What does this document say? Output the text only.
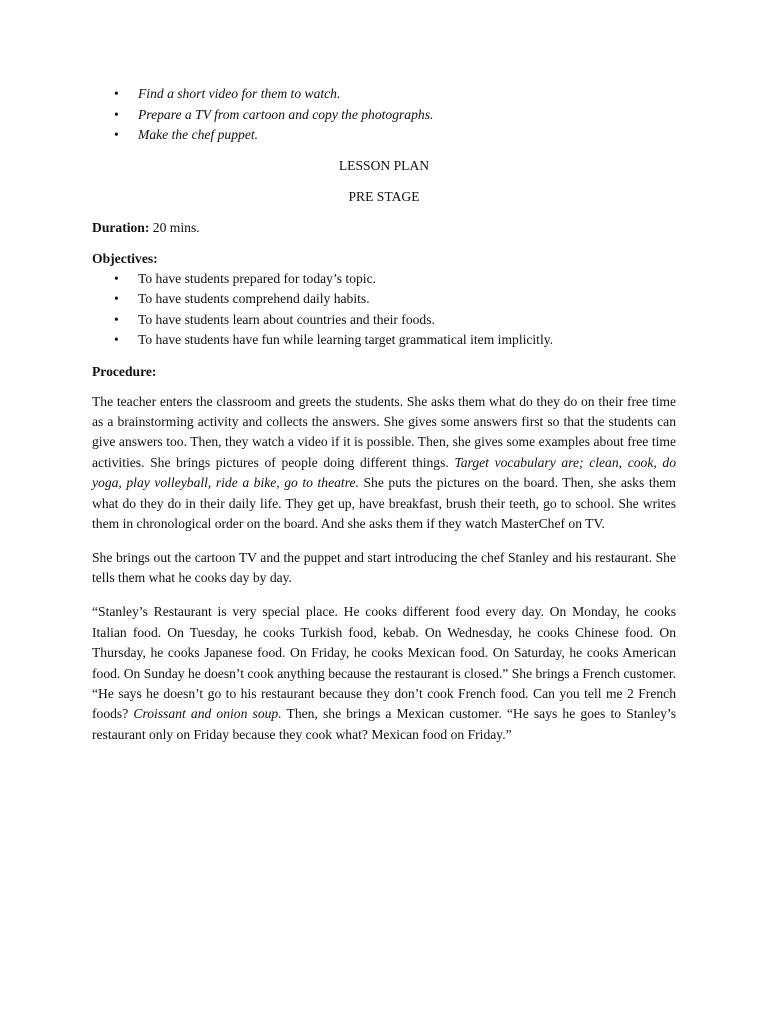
• Find a short video for them to watch.
• Prepare a TV from cartoon and copy the photographs.
• Make the chef puppet.
LESSON PLAN
PRE STAGE
Duration: 20 mins.
Objectives:
• To have students prepared for today’s topic.
• To have students comprehend daily habits.
• To have students learn about countries and their foods.
• To have students have fun while learning target grammatical item implicitly.
Procedure:

The teacher enters the classroom and greets the students. She asks them what do they do on their free time as a brainstorming activity and collects the answers. She gives some answers first so that the students can give answers too. Then, they watch a video if it is possible. Then, she gives some examples about free time activities. She brings pictures of people doing different things. Target vocabulary are; clean, cook, do yoga, play volleyball, ride a bike, go to theatre. She puts the pictures on the board. Then, she asks them what do they do in their daily life. They get up, have breakfast, brush their teeth, go to school. She writes them in chronological order on the board. And she asks them if they watch MasterChef on TV.

She brings out the cartoon TV and the puppet and start introducing the chef Stanley and his restaurant. She tells them what he cooks day by day.

“Stanley’s Restaurant is very special place. He cooks different food every day. On Monday, he cooks Italian food. On Tuesday, he cooks Turkish food, kebab. On Wednesday, he cooks Chinese food. On Thursday, he cooks Japanese food. On Friday, he cooks Mexican food. On Saturday, he cooks American food. On Sunday he doesn’t cook anything because the restaurant is closed.” She brings a French customer. “He says he doesn’t go to his restaurant because they don’t cook French food. Can you tell me 2 French foods? Croissant and onion soup. Then, she brings a Mexican customer. “He says he goes to Stanley’s restaurant only on Friday because they cook what? Mexican food on Friday.”
